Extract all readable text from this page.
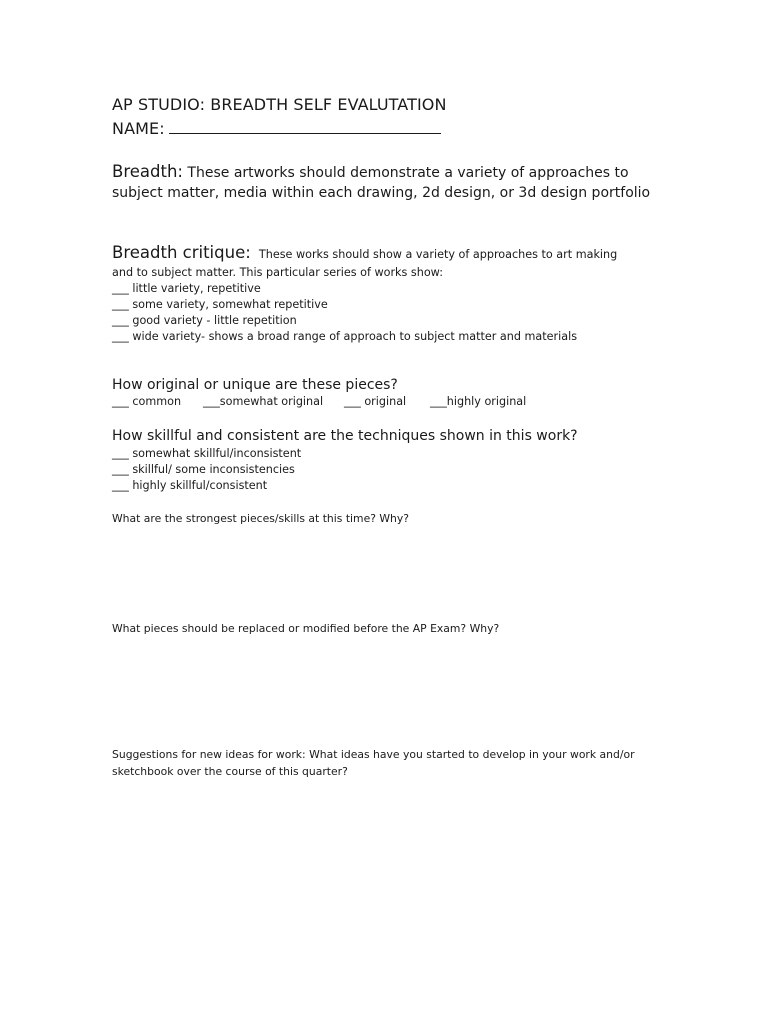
AP STUDIO: BREADTH SELF EVALUTATION

NAME:

Breadth: These artworks should demonstrate a variety of approaches to subject matter, media within each drawing, 2d design, or 3d design portfolio

Breadth critique: These works should show a variety of approaches to art making

and to subject matter. This particular series of works show:

___ little variety, repetitive

___ some variety, somewhat repetitive

___ good variety - little repetition

___ wide variety- shows a broad range of approach to subject matter and materials

How original or unique are these pieces?

___ common ___somewhat original ___ original ___highly original

How skillful and consistent are the techniques shown in this work?

___ somewhat skillful/inconsistent

___ skillful/ some inconsistencies

___ highly skillful/consistent

What are the strongest pieces/skills at this time? Why?

What pieces should be replaced or modified before the AP Exam? Why?

Suggestions for new ideas for work: What ideas have you started to develop in your work and/or sketchbook over the course of this quarter?
